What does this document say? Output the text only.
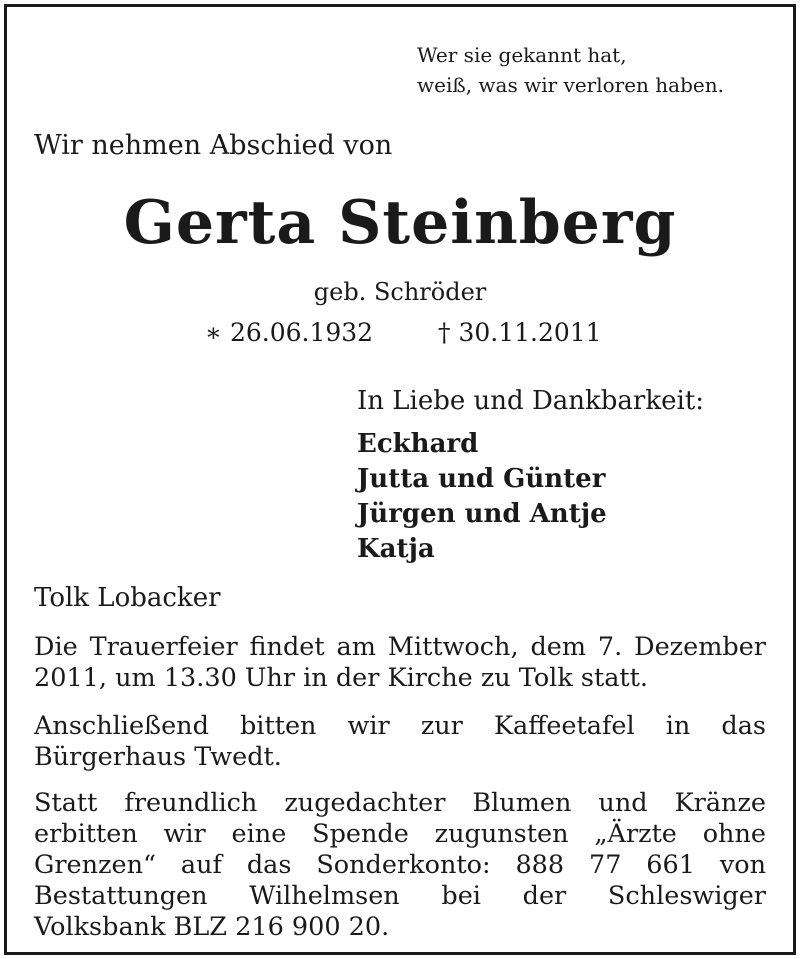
Wer sie gekannt hat,
weiß, was wir verloren haben.
Wir nehmen Abschied von
Gerta Steinberg
geb. Schröder
∗ 26.06.1932	† 30.11.2011
In Liebe und Dankbarkeit:
Eckhard
Jutta und Günter
Jürgen und Antje
Katja
Tolk Lobacker
Die Trauerfeier findet am Mittwoch, dem 7. Dezember 2011, um 13.30 Uhr in der Kirche zu Tolk statt.
Anschließend bitten wir zur Kaffeetafel in das Bürgerhaus Twedt.
Statt freundlich zugedachter Blumen und Kränze erbitten wir eine Spende zugunsten „Ärzte ohne Grenzen“ auf das Sonderkonto: 888 77 661 von Bestattungen Wilhelmsen bei der Schleswiger Volksbank BLZ 216 900 20.
